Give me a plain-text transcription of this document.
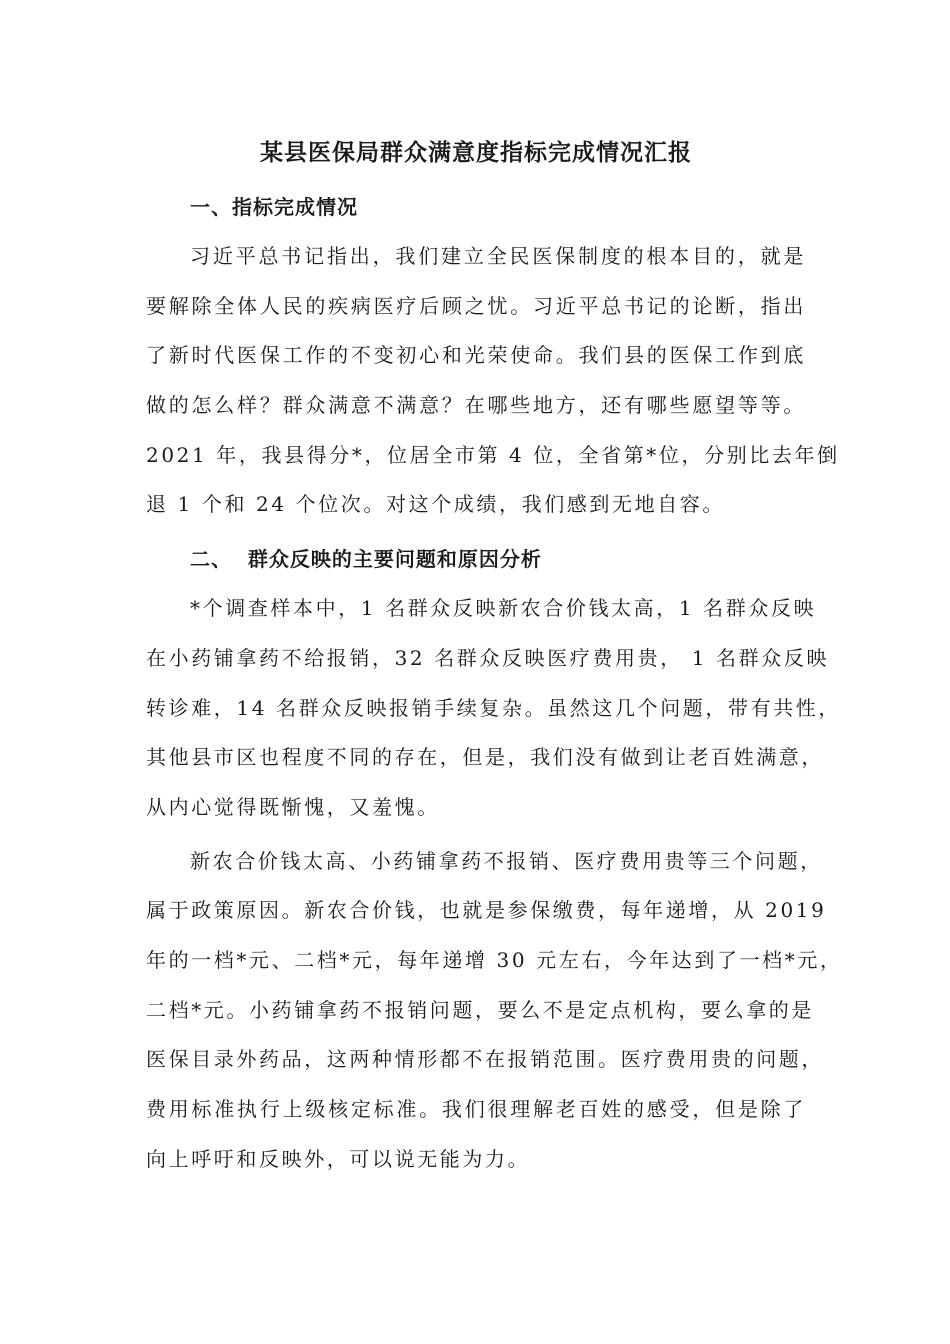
某县医保局群众满意度指标完成情况汇报
一、指标完成情况
习近平总书记指出，我们建立全民医保制度的根本目的，就是
要解除全体人民的疾病医疗后顾之忧。习近平总书记的论断，指出
了新时代医保工作的不变初心和光荣使命。我们县的医保工作到底
做的怎么样？群众满意不满意？在哪些地方，还有哪些愿望等等。
2021 年，我县得分*，位居全市第 4 位，全省第*位，分别比去年倒
退 1 个和 24 个位次。对这个成绩，我们感到无地自容。
二、  群众反映的主要问题和原因分析
*个调查样本中，1 名群众反映新农合价钱太高，1 名群众反映
在小药铺拿药不给报销，32 名群众反映医疗费用贵， 1 名群众反映
转诊难，14 名群众反映报销手续复杂。虽然这几个问题，带有共性，
其他县市区也程度不同的存在，但是，我们没有做到让老百姓满意，
从内心觉得既惭愧，又羞愧。
新农合价钱太高、小药铺拿药不报销、医疗费用贵等三个问题，
属于政策原因。新农合价钱，也就是参保缴费，每年递增，从 2019
年的一档*元、二档*元，每年递增 30 元左右，今年达到了一档*元，
二档*元。小药铺拿药不报销问题，要么不是定点机构，要么拿的是
医保目录外药品，这两种情形都不在报销范围。医疗费用贵的问题，
费用标准执行上级核定标准。我们很理解老百姓的感受，但是除了
向上呼吁和反映外，可以说无能为力。
